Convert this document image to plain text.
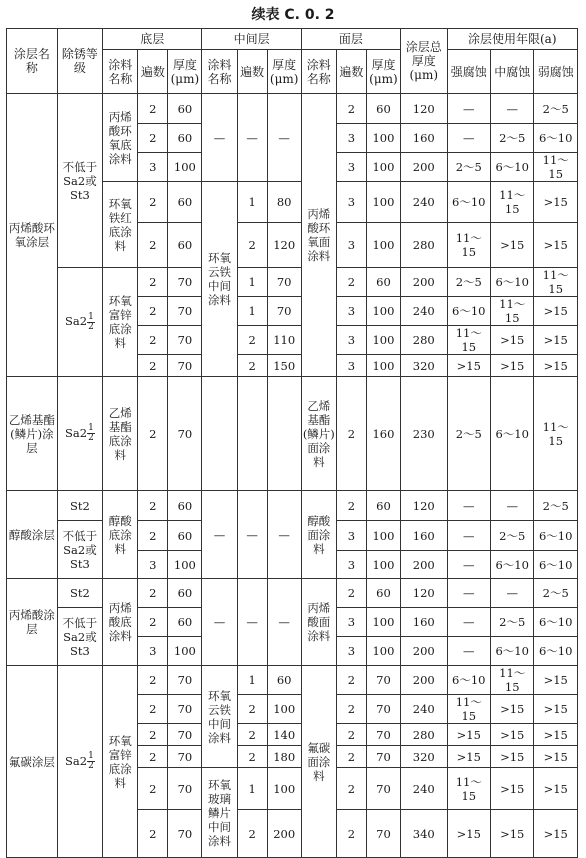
续表 C. 0. 2
涂层名称	除锈等级	底层			中间层			面层			涂层总厚度(μm)	涂层使用年限(a)		
		涂料名称	遍数	厚度(μm)	涂料名称	遍数	厚度(μm)	涂料名称	遍数	厚度(μm)		强腐蚀	中腐蚀	弱腐蚀
丙烯酸环氧涂层	不低于Sa2或St3	丙烯酸环氧底涂料	2	60	—	—	—	丙烯酸环氧面涂料	2	60	120	—	—	2～5
			2	60					3	100	160	—	2～5	6～10
			3	100					3	100	200	2～5	6～10	11～15
		环氧铁红底涂料	2	60	环氧云铁中间涂料	1	80		3	100	240	6～10	11～15	>15
			2	60		2	120		3	100	280	11～15	>15	>15
	$Sa2 \frac{1}{2}$	环氧富锌底涂料	2	70		1	70		2	60	200	2～5	6～10	11～15
			2	70		1	70		3	100	240	6～10	11～15	>15
			2	70		2	110		3	100	280	11～15	>15	>15
			2	70		2	150		3	100	320	>15	>15	>15
乙烯基酯(鳞片)涂层	$Sa2 \frac{1}{2}$	乙烯基酯底涂料	2	70				乙烯基酯(鳞片)面涂料	2	160	230	2～5	6～10	11～15
醇酸涂层	St2	醇酸底涂料	2	60	—	—	—	醇酸面涂料	2	60	120	—	—	2～5
	不低于Sa2或St3		2	60					3	100	160	—	2～5	6～10
			3	100					3	100	200	—	6～10	6～10
丙烯酸涂层	St2	丙烯酸底涂料	2	60	—	—	—	丙烯酸面涂料	2	60	120	—	—	2～5
	不低于Sa2或St3		2	60					3	100	160	—	2～5	6～10
			3	100					3	100	200	—	6～10	6～10
氟碳涂层	$Sa2 \frac{1}{2}$	环氧富锌底涂料	2	70	环氧云铁中间涂料	1	60	氟碳面涂料	2	70	200	6～10	11～15	>15
			2	70		2	100		2	70	240	11～15	>15	>15
			2	70		2	140		2	70	280	>15	>15	>15
			2	70		2	180		2	70	320	>15	>15	>15
			2	70	环氧玻璃鳞片中间涂料	1	100		2	70	240	11～15	>15	>15
			2	70		2	200		2	70	340	>15	>15	>15
